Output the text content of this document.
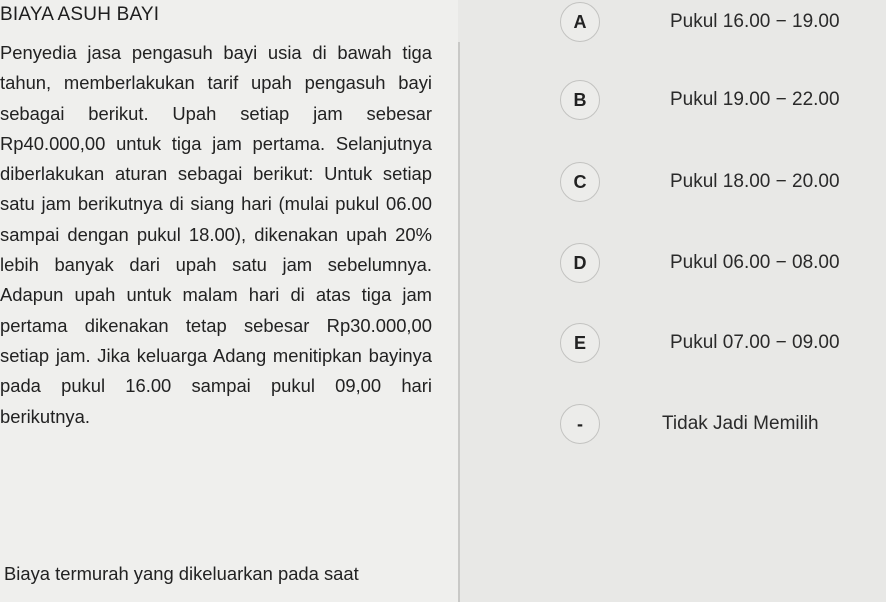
BIAYA ASUH BAYI

Penyedia jasa pengasuh bayi usia di bawah tiga tahun, memberlakukan tarif upah pengasuh bayi sebagai berikut. Upah setiap jam sebesar Rp40.000,00 untuk tiga jam pertama. Selanjutnya diberlakukan aturan sebagai berikut: Untuk setiap satu jam berikutnya di siang hari (mulai pukul 06.00 sampai dengan pukul 18.00), dikenakan upah 20% lebih banyak dari upah satu jam sebelumnya. Adapun upah untuk malam hari di atas tiga jam pertama dikenakan tetap sebesar Rp30.000,00 setiap jam. Jika keluarga Adang menitipkan bayinya pada pukul 16.00 sampai pukul 09,00 hari berikutnya.

Biaya termurah yang dikeluarkan pada saat
A	Pukul 16.00 − 19.00
B	Pukul 19.00 − 22.00
C	Pukul 18.00 − 20.00
D	Pukul 06.00 − 08.00
E	Pukul 07.00 − 09.00
-	Tidak Jadi Memilih
